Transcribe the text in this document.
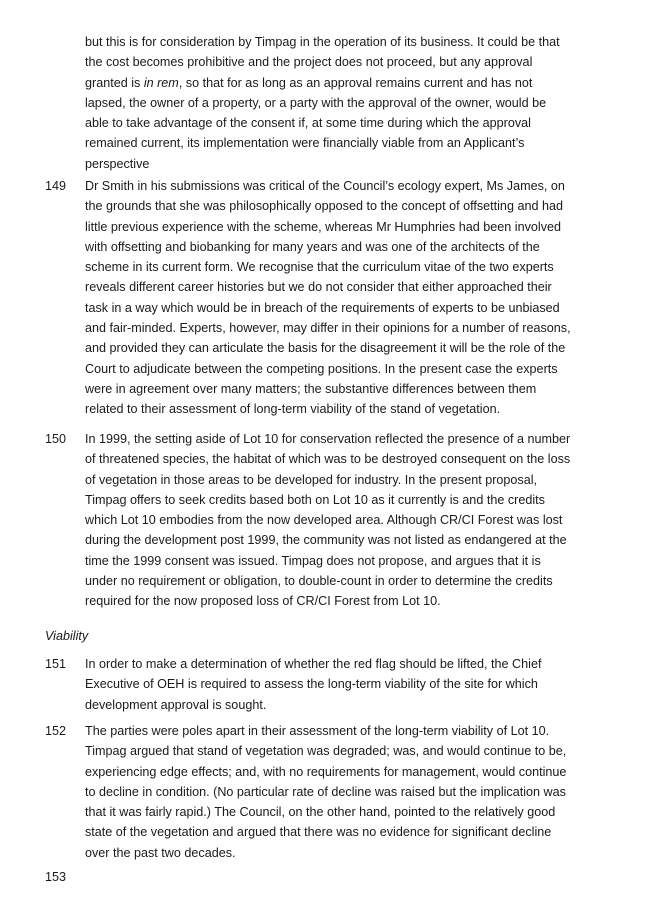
but this is for consideration by Timpag in the operation of its business. It could be that
the cost becomes prohibitive and the project does not proceed, but any approval
granted is in rem, so that for as long as an approval remains current and has not
lapsed, the owner of a property, or a party with the approval of the owner, would be
able to take advantage of the consent if, at some time during which the approval
remained current, its implementation were financially viable from an Applicant’s
perspective
149 Dr Smith in his submissions was critical of the Council’s ecology expert, Ms James, on
the grounds that she was philosophically opposed to the concept of offsetting and had
little previous experience with the scheme, whereas Mr Humphries had been involved
with offsetting and biobanking for many years and was one of the architects of the
scheme in its current form. We recognise that the curriculum vitae of the two experts
reveals different career histories but we do not consider that either approached their
task in a way which would be in breach of the requirements of experts to be unbiased
and fair-minded. Experts, however, may differ in their opinions for a number of reasons,
and provided they can articulate the basis for the disagreement it will be the role of the
Court to adjudicate between the competing positions. In the present case the experts
were in agreement over many matters; the substantive differences between them
related to their assessment of long-term viability of the stand of vegetation.
150 In 1999, the setting aside of Lot 10 for conservation reflected the presence of a number
of threatened species, the habitat of which was to be destroyed consequent on the loss
of vegetation in those areas to be developed for industry. In the present proposal,
Timpag offers to seek credits based both on Lot 10 as it currently is and the credits
which Lot 10 embodies from the now developed area. Although CR/CI Forest was lost
during the development post 1999, the community was not listed as endangered at the
time the 1999 consent was issued. Timpag does not propose, and argues that it is
under no requirement or obligation, to double-count in order to determine the credits
required for the now proposed loss of CR/CI Forest from Lot 10.
Viability
151 In order to make a determination of whether the red flag should be lifted, the Chief
Executive of OEH is required to assess the long-term viability of the site for which
development approval is sought.
152 The parties were poles apart in their assessment of the long-term viability of Lot 10.
Timpag argued that stand of vegetation was degraded; was, and would continue to be,
experiencing edge effects; and, with no requirements for management, would continue
to decline in condition. (No particular rate of decline was raised but the implication was
that it was fairly rapid.) The Council, on the other hand, pointed to the relatively good
state of the vegetation and argued that there was no evidence for significant decline
over the past two decades.
153
